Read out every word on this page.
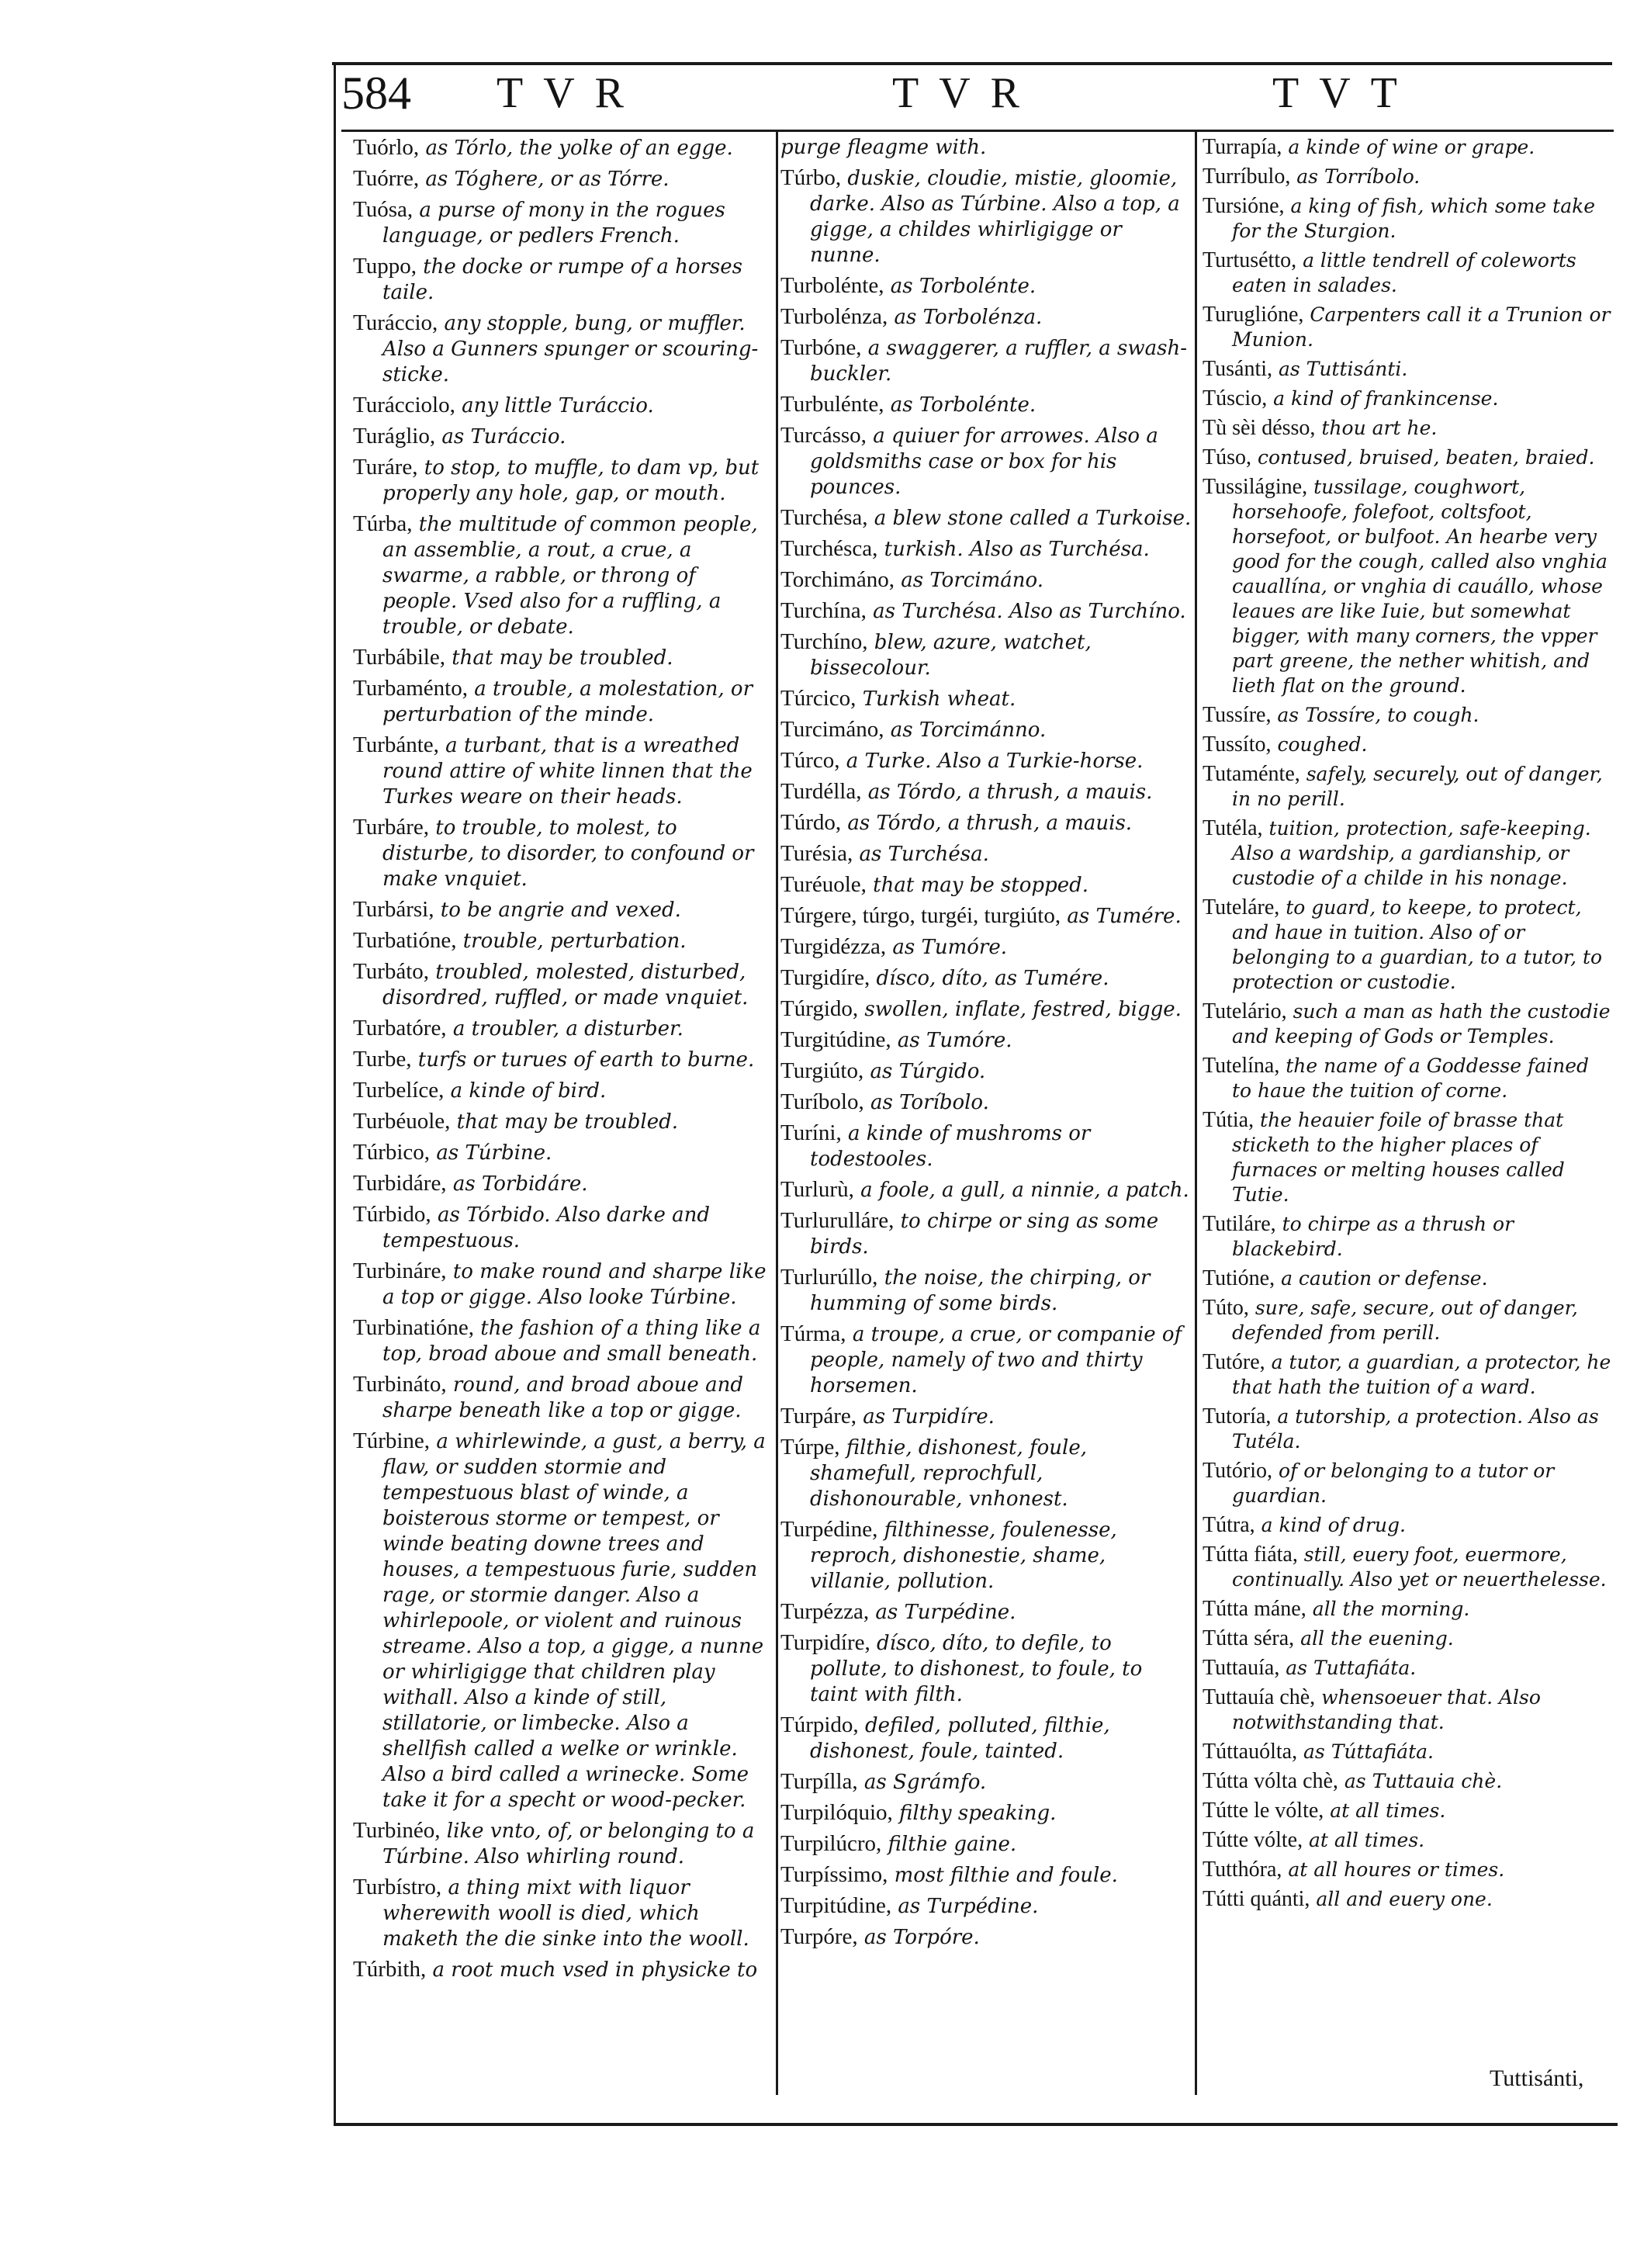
584 TVR	TVR	TVT
Tuórlo, as Tórlo, the yolke of an egge.
Tuórre, as Tóghere, or as Tórre.
Tuósa, a purse of mony in the rogues language, or pedlers French.
Tuppo, the docke or rumpe of a horses taile.
Turáccio, any stopple, bung, or muffler. Also a Gunners spunger or scouring-sticke.
Turácciolo, any little Turáccio.
Turáglio, as Turáccio.
Turáre, to stop, to muffle, to dam vp, but properly any hole, gap, or mouth.
Túrba, the multitude of common people, an assemblie, a rout, a crue, a swarme, a rabble, or throng of people. Vsed also for a ruffling, a trouble, or debate.
Turbábile, that may be troubled.
Turbaménto, a trouble, a molestation, or perturbation of the minde.
Turbánte, a turbant, that is a wreathed round attire of white linnen that the Turkes weare on their heads.
Turbáre, to trouble, to molest, to disturbe, to disorder, to confound or make vnquiet.
Turbársi, to be angrie and vexed.
Turbatióne, trouble, perturbation.
Turbáto, troubled, molested, disturbed, disordred, ruffled, or made vnquiet.
Turbatóre, a troubler, a disturber.
Turbe, turfs or turues of earth to burne.
Turbelíce, a kinde of bird.
Turbéuole, that may be troubled.
Túrbico, as Túrbine.
Turbidáre, as Torbidáre.
Túrbido, as Tórbido. Also darke and tempestuous.
Turbináre, to make round and sharpe like a top or gigge. Also looke Túrbine.
Turbinatióne, the fashion of a thing like a top, broad aboue and small beneath.
Turbináto, round, and broad aboue and sharpe beneath like a top or gigge.
Túrbine, a whirlewinde, a gust, a berry, a flaw, or sudden stormie and tempestuous blast of winde, a boisterous storme or tempest, or winde beating downe trees and houses, a tempestuous furie, sudden rage, or stormie danger. Also a whirlepoole, or violent and ruinous streame. Also a top, a gigge, a nunne or whirligigge that children play withall. Also a kinde of still, stillatorie, or limbecke. Also a shellfish called a welke or wrinkle. Also a bird called a wrinecke. Some take it for a specht or wood-pecker.
Turbinéo, like vnto, of, or belonging to a Túrbine. Also whirling round.
Turbístro, a thing mixt with liquor wherewith wooll is died, which maketh the die sinke into the wooll.
Túrbith, a root much vsed in physicke to
purge fleagme with.
Túrbo, duskie, cloudie, mistie, gloomie, darke. Also as Túrbine. Also a top, a gigge, a childes whirligigge or nunne.
Turbolénte, as Torbolénte.
Turbolénza, as Torbolénza.
Turbóne, a swaggerer, a ruffler, a swash-buckler.
Turbulénte, as Torbolénte.
Turcásso, a quiuer for arrowes. Also a goldsmiths case or box for his pounces.
Turchésa, a blew stone called a Turkoise.
Turchésca, turkish. Also as Turchésa.
Torchimáno, as Torcimáno.
Turchína, as Turchésa. Also as Turchíno.
Turchíno, blew, azure, watchet, bissecolour.
Túrcico, Turkish wheat.
Turcimáno, as Torcimánno.
Túrco, a Turke. Also a Turkie-horse.
Turdélla, as Tórdo, a thrush, a mauis.
Túrdo, as Tórdo, a thrush, a mauis.
Turésia, as Turchésa.
Turéuole, that may be stopped.
Túrgere, túrgo, turgéi, turgiúto, as Tumére.
Turgidézza, as Tumóre.
Turgidíre, dísco, díto, as Tumére.
Túrgido, swollen, inflate, festred, bigge.
Turgitúdine, as Tumóre.
Turgiúto, as Túrgido.
Turíbolo, as Toríbolo.
Turíni, a kinde of mushroms or todestooles.
Turlurù, a foole, a gull, a ninnie, a patch.
Turlurulláre, to chirpe or sing as some birds.
Turlurúllo, the noise, the chirping, or humming of some birds.
Túrma, a troupe, a crue, or companie of people, namely of two and thirty horsemen.
Turpáre, as Turpidíre.
Túrpe, filthie, dishonest, foule, shamefull, reprochfull, dishonourable, vnhonest.
Turpédine, filthinesse, foulenesse, reproch, dishonestie, shame, villanie, pollution.
Turpézza, as Turpédine.
Turpidíre, dísco, díto, to defile, to pollute, to dishonest, to foule, to taint with filth.
Túrpido, defiled, polluted, filthie, dishonest, foule, tainted.
Turpílla, as Sgrámfo.
Turpilóquio, filthy speaking.
Turpilúcro, filthie gaine.
Turpíssimo, most filthie and foule.
Turpitúdine, as Turpédine.
Turpóre, as Torpóre.
Turrapía, a kinde of wine or grape.
Turríbulo, as Torríbolo.
Tursióne, a king of fish, which some take for the Sturgion.
Turtusétto, a little tendrell of coleworts eaten in salades.
Turuglióne, Carpenters call it a Trunion or Munion.
Tusánti, as Tuttisánti.
Túscio, a kind of frankincense.
Tù sèi désso, thou art he.
Túso, contused, bruised, beaten, braied.
Tussilágine, tussilage, coughwort, horsehoofe, folefoot, coltsfoot, horsefoot, or bulfoot. An hearbe very good for the cough, called also vnghia cauallína, or vnghia di cauállo, whose leaues are like Iuie, but somewhat bigger, with many corners, the vpper part greene, the nether whitish, and lieth flat on the ground.
Tussíre, as Tossíre, to cough.
Tussíto, coughed.
Tutaménte, safely, securely, out of danger, in no perill.
Tutéla, tuition, protection, safe-keeping. Also a wardship, a gardianship, or custodie of a childe in his nonage.
Tuteláre, to guard, to keepe, to protect, and haue in tuition. Also of or belonging to a guardian, to a tutor, to protection or custodie.
Tutelário, such a man as hath the custodie and keeping of Gods or Temples.
Tutelína, the name of a Goddesse fained to haue the tuition of corne.
Tútia, the heauier foile of brasse that sticketh to the higher places of furnaces or melting houses called Tutie.
Tutiláre, to chirpe as a thrush or blackebird.
Tutióne, a caution or defense.
Túto, sure, safe, secure, out of danger, defended from perill.
Tutóre, a tutor, a guardian, a protector, he that hath the tuition of a ward.
Tutoría, a tutorship, a protection. Also as Tutéla.
Tutório, of or belonging to a tutor or guardian.
Tútra, a kind of drug.
Tútta fiáta, still, euery foot, euermore, continually. Also yet or neuerthelesse.
Tútta máne, all the morning.
Tútta séra, all the euening.
Tuttauía, as Tuttafiáta.
Tuttauía chè, whensoeuer that. Also notwithstanding that.
Túttauólta, as Túttafiáta.
Tútta vólta chè, as Tuttauia chè.
Tútte le vólte, at all times.
Tútte vólte, at all times.
Tutthóra, at all houres or times.
Tútti quánti, all and euery one.
Tuttisánti,
